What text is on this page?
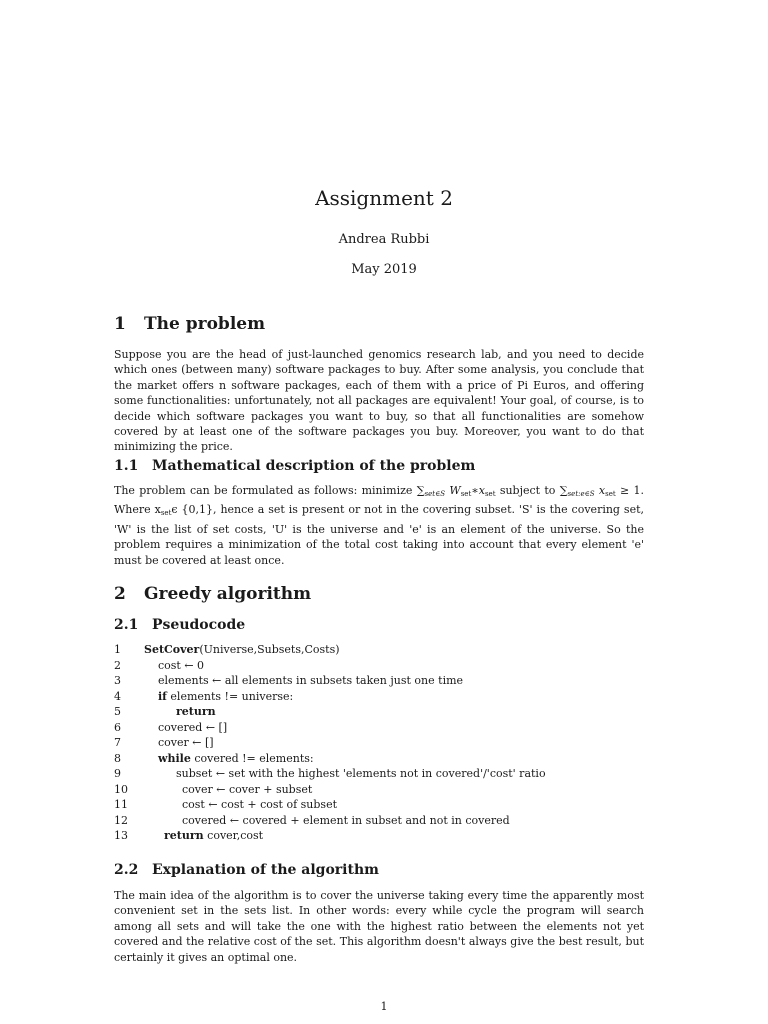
Assignment 2
Andrea Rubbi
May 2019
1 The problem

Suppose you are the head of just-launched genomics research lab, and you need to decide which ones (between many) software packages to buy. After some analysis, you conclude that the market offers n software packages, each of them with a price of Pi Euros, and offering some functionalities: unfortunately, not all packages are equivalent! Your goal, of course, is to decide which software packages you want to buy, so that all functionalities are somehow covered by at least one of the software packages you buy. Moreover, you want to do that minimizing the price.

1.1 Mathematical description of the problem

The problem can be formulated as follows: minimize $\sum_{set\in S}$ Wset∗xset subject to $\sum_{set:e\in S}$ xset ≥ 1. Where xsetϵ {0,1}, hence a set is present or not in the covering subset. 'S' is the covering set, 'W' is the list of set costs, 'U' is the universe and 'e' is an element of the universe. So the problem requires a minimization of the total cost taking into account that every element 'e' must be covered at least once.

2 Greedy algorithm
2.1 Pseudocode
1	SetCover(Universe,Subsets,Costs)
2	cost ← 0
3	elements ← all elements in subsets taken just one time
4	if elements != universe:
5	return
6	covered ← []
7	cover ← []
8	while covered != elements:
9	subset ← set with the highest 'elements not in covered'/'cost' ratio
10	cover ← cover + subset
11	cost ← cost + cost of subset
12	covered ← covered + element in subset and not in covered
13	return cover,cost
2.2 Explanation of the algorithm

The main idea of the algorithm is to cover the universe taking every time the apparently most convenient set in the sets list. In other words: every while cycle the program will search among all sets and will take the one with the highest ratio between the elements not yet covered and the relative cost of the set. This algorithm doesn't always give the best result, but certainly it gives an optimal one.

1
